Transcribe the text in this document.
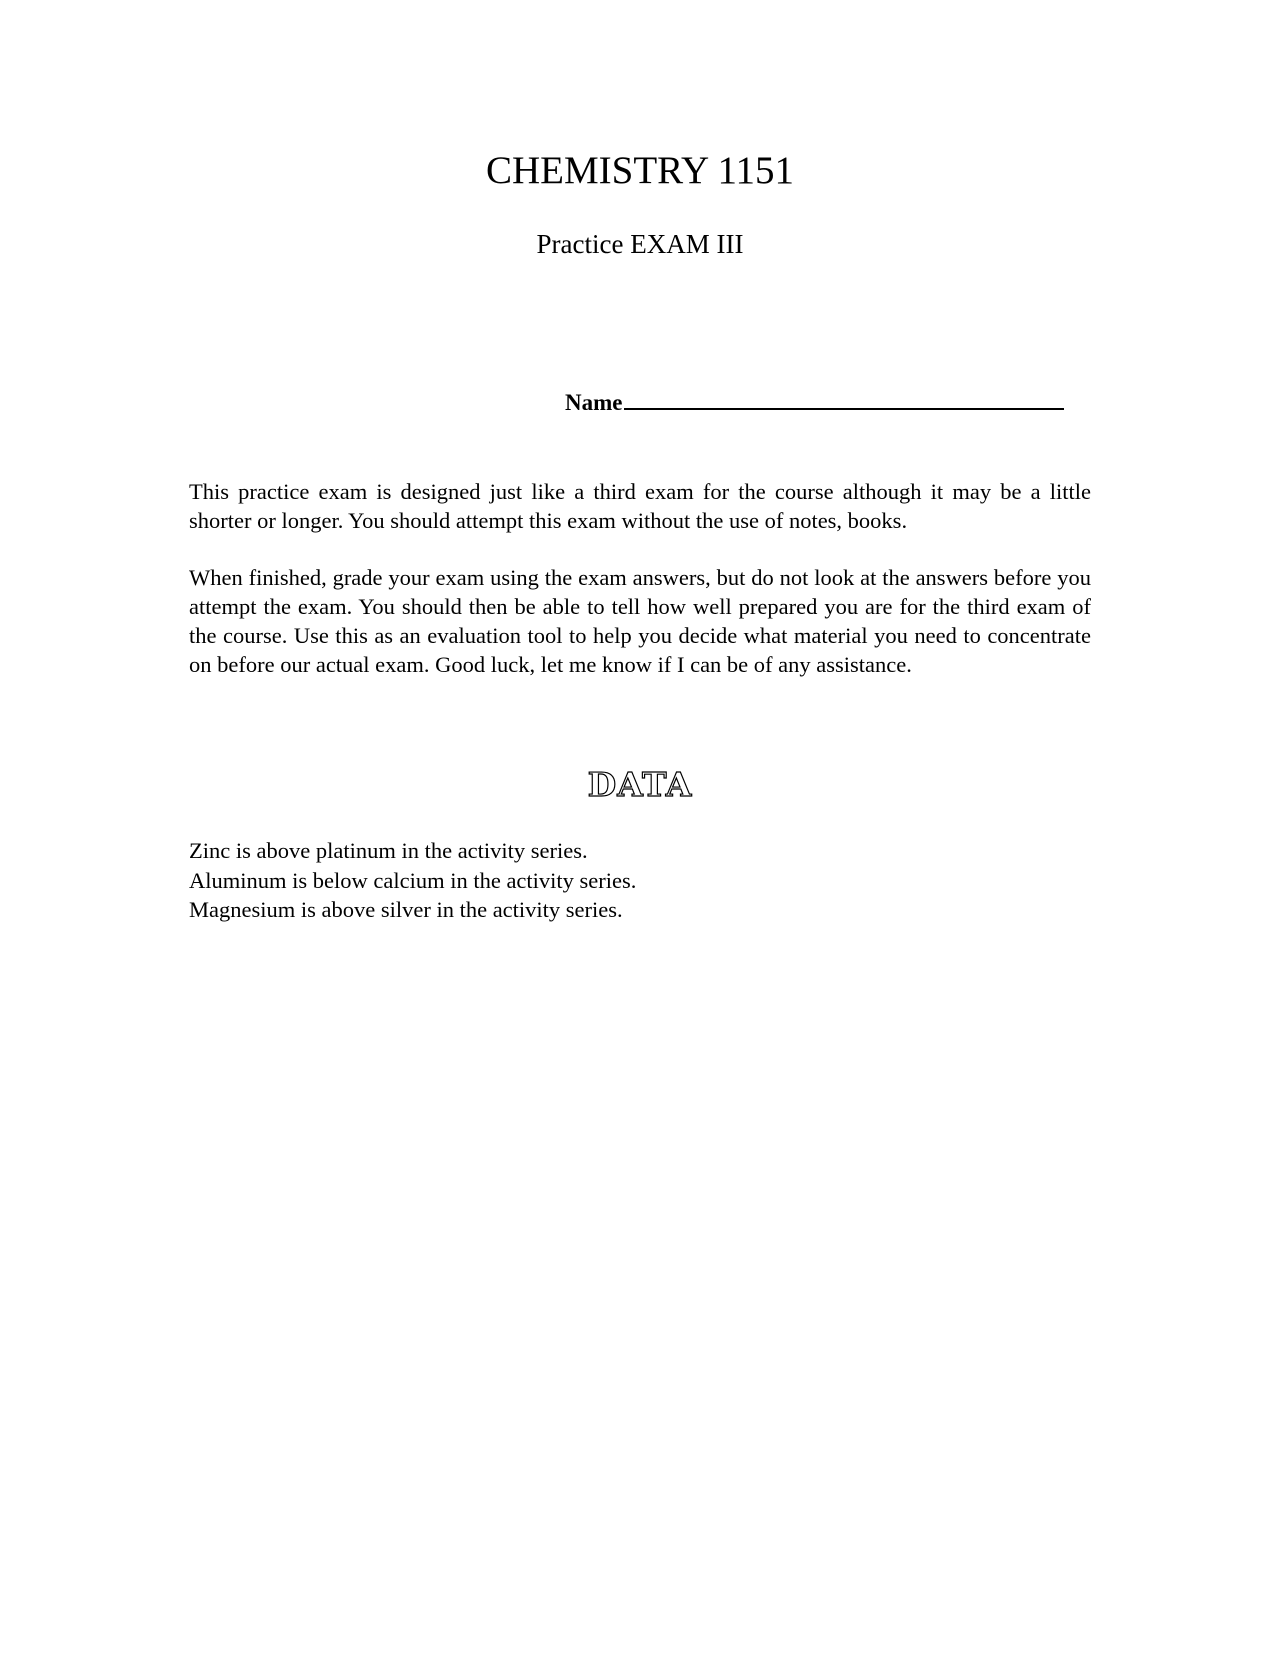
CHEMISTRY 1151
Practice EXAM III
Name

This practice exam is designed just like a third exam for the course although it may be a little shorter or longer. You should attempt this exam without the use of notes, books.

When finished, grade your exam using the exam answers, but do not look at the answers before you attempt the exam. You should then be able to tell how well prepared you are for the third exam of the course. Use this as an evaluation tool to help you decide what material you need to concentrate on before our actual exam. Good luck, let me know if I can be of any assistance.

DATA
Zinc is above platinum in the activity series.
Aluminum is below calcium in the activity series.
Magnesium is above silver in the activity series.
